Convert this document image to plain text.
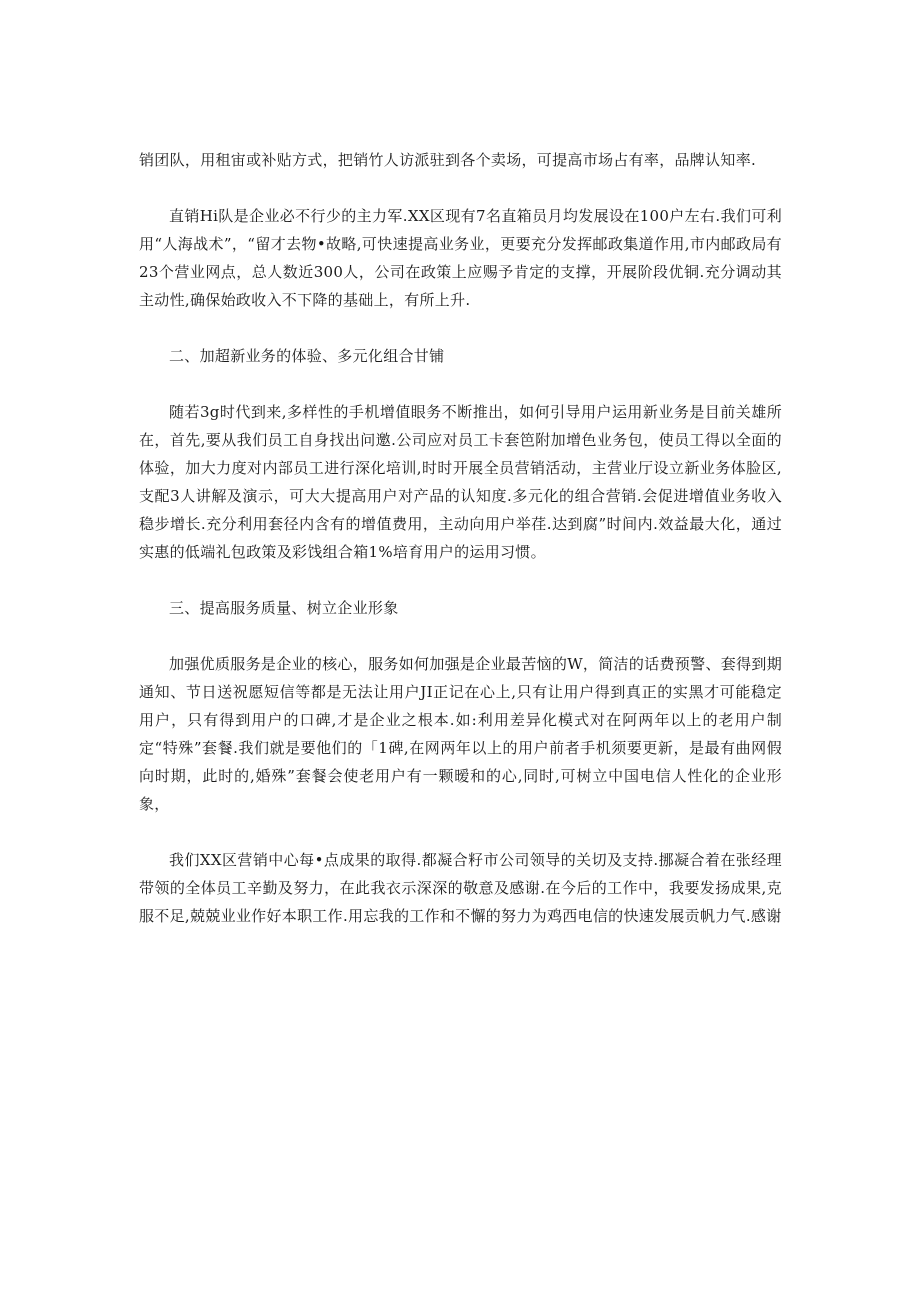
销团队，用租宙或补贴方式，把销竹人访派驻到各个卖场，可提高市场占有率，品牌认知率.

直销Hi队是企业必不行少的主力军.XX区现有7名直箱员月均发展设在100户左右.我们可利用“人海战术”，“留才去物•故略,可快速提高业务业，更要充分发挥邮政集道作用,市内邮政局有23个营业网点，总人数近300人，公司在政策上应赐予肯定的支撑，开展阶段优铜.充分调动其主动性,确保始政收入不下降的基础上，有所上升.

二、加超新业务的体验、多元化组合甘铺

随若3g时代到来,多样性的手机增值眼务不断推出，如何引导用户运用新业务是目前关雄所在，首先,要从我们员工自身找出问邀.公司应对员工卡套笆附加增色业务包，使员工得以全面的体验，加大力度对内部员工进行深化培训,时时开展全员营销活动，主营业厅设立新业务体脸区,支配3人讲解及演示，可大大提高用户对产品的认知度.多元化的组合营销.会促进增值业务收入稳步增长.充分利用套径内含有的增值费用，主动向用户举荏.达到腐”时间内.效益最大化，通过实惠的低端礼包政策及彩饯组合箱1%培育用户的运用习惯。

三、提高服务质量、树立企业形象

加强优质服务是企业的核心，服务如何加强是企业最苦恼的W，简洁的话费预警、套得到期通知、节日送祝愿短信等都是无法让用户JI正记在心上,只有让用户得到真正的实黑才可能稳定用户，只有得到用户的口碑,才是企业之根本.如:利用差异化模式对在阿两年以上的老用户制定“特殊”套餐.我们就是要他们的「1碑,在网两年以上的用户前者手机须要更新，是最有曲网假向时期，此时的,婚殊”套餐会使老用户有一颗暧和的心,同时,可树立中国电信人性化的企业形象，

我们XX区营销中心每•点成果的取得.都凝合籽市公司领导的关切及支持.挪凝合着在张经理带领的全体员工辛勤及努力，在此我衣示深深的敬意及感谢.在今后的工作中，我要发扬成果,克服不足,兢兢业业作好本职工作.用忘我的工作和不懈的努力为鸡西电信的快速发展贡帆力气.感谢
